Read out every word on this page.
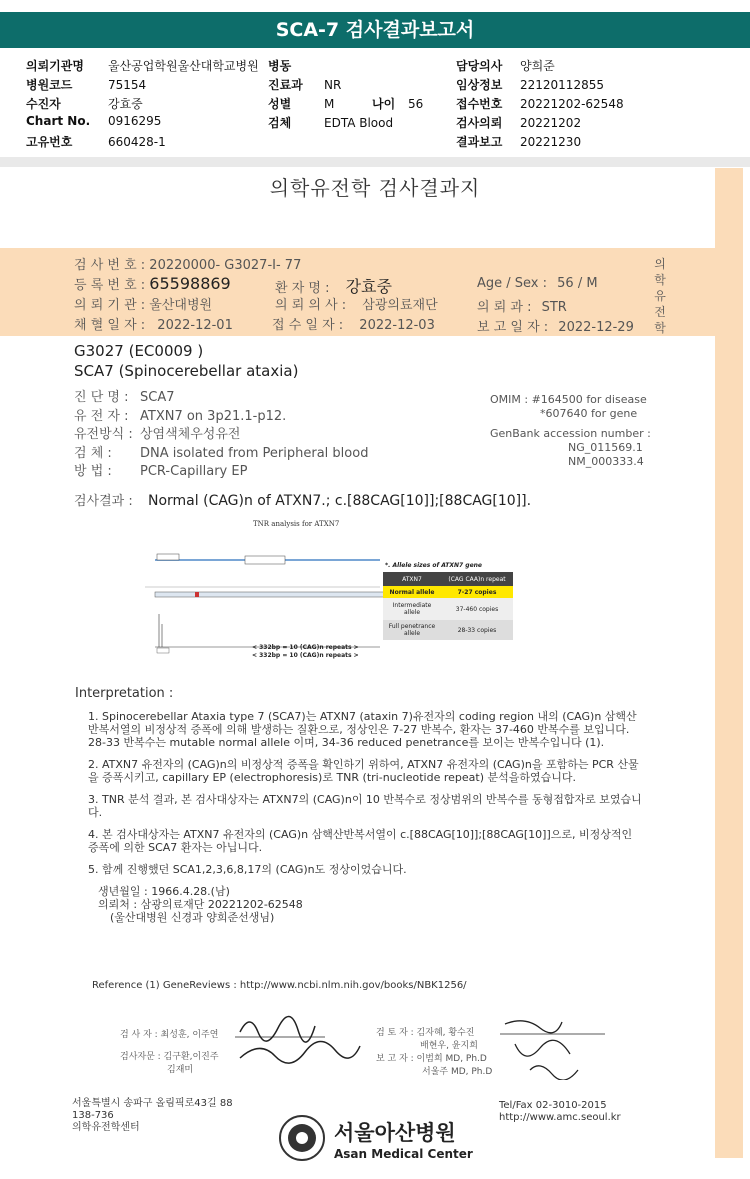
SCA-7 검사결과보고서
의뢰기관명 울산공업학원울산대학교병원
병원코드	75154
수진자	강효중
Chart No. 0916295
고유번호	660428-1
병동
진료과 NR
성별	M	나이 56
검체	EDTA Blood
담당의사 양희준
임상정보 22120112855
접수번호 20221202-62548
검사의뢰 20221202
결과보고 20221230
의학유전학 검사결과지
검 사 번 호 : 20220000- G3027-I- 77
등 록 번 호 : 65598869	환 자 명 : 강효중	Age / Sex : 56 / M
의 뢰 기 관 : 울산대병원	의 뢰 의 사 : 삼광의료재단	의 뢰 과 : STR
채 혈 일 자 : 2022-12-01	접 수 일 자 : 2022-12-03	보 고 일 자 : 2022-12-29
의학유전학
G3027 (EC0009 )
SCA7 (Spinocerebellar ataxia)
진 단 명 : SCA7
유 전 자 : ATXN7 on 3p21.1-p12.
유전방식 : 상염색체우성유전
검 체 : DNA isolated from Peripheral blood
방 법 : PCR-Capillary EP
OMIM : #164500 for disease
*607640 for gene
GenBank accession number :
NG_011569.1
NM_000333.4
검사결과 : Normal (CAG)n of ATXN7.; c.[88CAG[10]];[88CAG[10]].
TNR analysis for ATXN7
*. Allele sizes of ATXN7 gene
ATXN7	(CAG CAA)n repeat
Normal allele	7-27 copies
Intermediate allele	37-460 copies
Full penetrance allele	28-33 copies
< 332bp = 10 (CAG)n repeats >
< 332bp = 10 (CAG)n repeats >
Interpretation :
1. Spinocerebellar Ataxia type 7 (SCA7)는 ATXN7 (ataxin 7)유전자의 coding region 내의 (CAG)n 삼핵산 반복서열의 비정상적 증폭에 의해 발생하는 질환으로, 정상인은 7-27 반복수, 환자는 37-460 반복수를 보입니다.
28-33 반복수는 mutable normal allele 이며, 34-36 reduced penetrance를 보이는 반복수입니다 (1).
2. ATXN7 유전자의 (CAG)n의 비정상적 증폭을 확인하기 위하여, ATXN7 유전자의 (CAG)n을 포함하는 PCR 산물을 증폭시키고, capillary EP (electrophoresis)로 TNR (tri-nucleotide repeat) 분석을하였습니다.
3. TNR 분석 결과, 본 검사대상자는 ATXN7의 (CAG)n이 10 반복수로 정상범위의 반복수를 동형접합자로 보였습니다.
4. 본 검사대상자는 ATXN7 유전자의 (CAG)n 삼핵산반복서열이 c.[88CAG[10]];[88CAG[10]]으로, 비정상적인 증폭에 의한 SCA7 환자는 아닙니다.
5. 함께 진행했던 SCA1,2,3,6,8,17의 (CAG)n도 정상이었습니다.
생년월일 : 1966.4.28.(남)
의뢰처 : 삼광의료재단 20221202-62548
(울산대병원 신경과 양희준선생님)
Reference (1) GeneReviews : http://www.ncbi.nlm.nih.gov/books/NBK1256/
검 사 자 : 최성훈, 이주연
검사자문 : 김구환,이진주
김재미
검 토 자 : 김자혜, 황수진
배현우, 윤지희
보 고 자 : 이범희 MD, Ph.D
서울주 MD, Ph.D
서울특별시 송파구 올림픽로43길 88
138-736
의학유전학센터
Tel/Fax 02-3010-2015
http://www.amc.seoul.kr
서울아산병원
Asan Medical Center
